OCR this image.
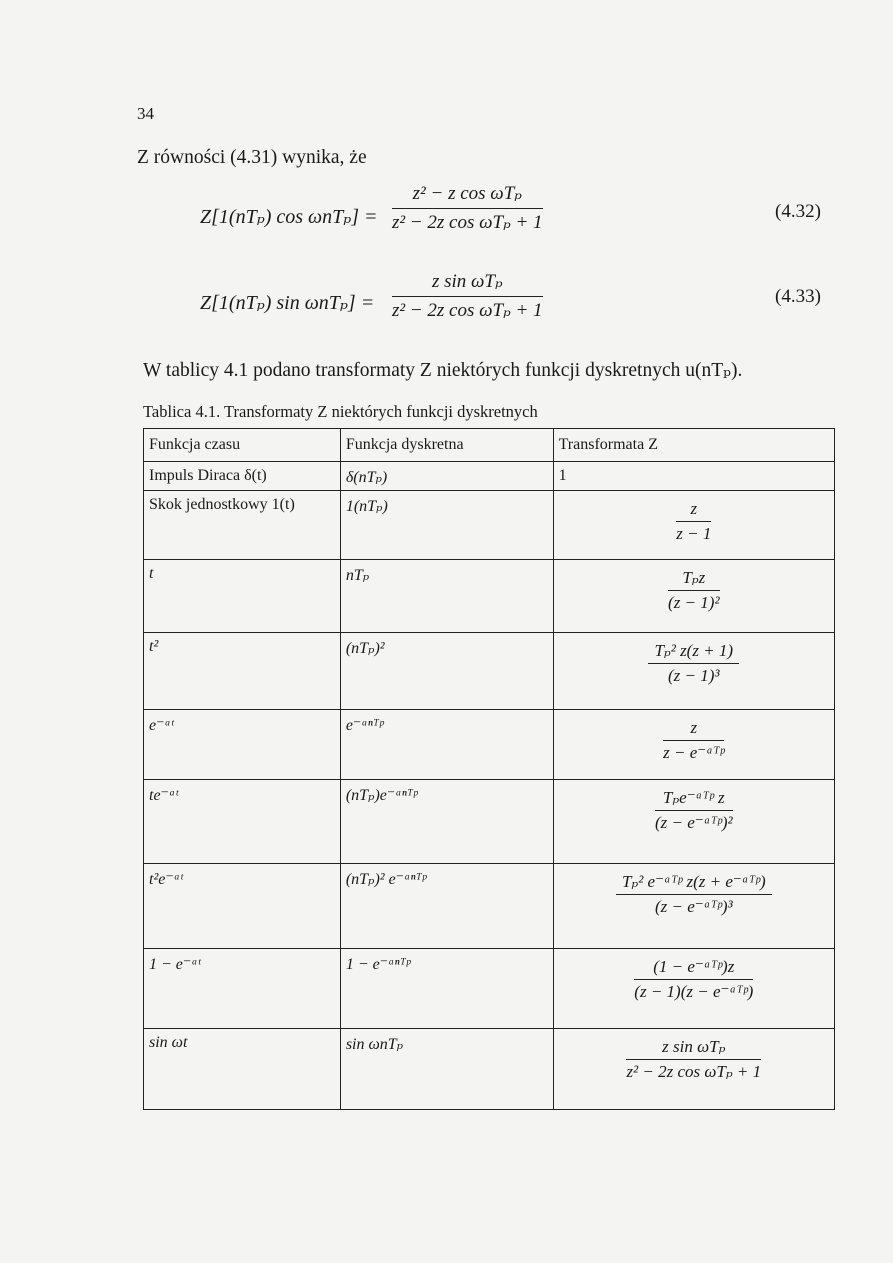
34
Z równości (4.31) wynika, że
Z[1(nTₚ) cos ωnTₚ] =
z² − z cos ωTₚ
z² − 2z cos ωTₚ + 1
(4.32)
Z[1(nTₚ) sin ωnTₚ] =
z sin ωTₚ
z² − 2z cos ωTₚ + 1
(4.33)
W tablicy 4.1 podano transformaty Z niektórych funkcji dyskretnych u(nTₚ).
Tablica 4.1. Transformaty Z niektórych funkcji dyskretnych
Funkcja czasu	Funkcja dyskretna	Transformata Z
Impuls Diraca δ(t)	δ(nTₚ)	1
Skok jednostkowy 1(t)	1(nTₚ)	$\frac{z}{z - 1}$

t	nTₚ	$\frac{\text{Tₚz}}{\text{(z − 1)²}}$

t²	(nTₚ)²	$\frac{\text{Tₚ² z(z + 1)}}{\text{(z − 1)³}}$

e⁻ᵃᵗ	e⁻ᵃⁿᵀᵖ	$\frac{z}{\text{z − e⁻ᵃᵀᵖ}}$

te⁻ᵃᵗ	(nTₚ)e⁻ᵃⁿᵀᵖ	$\frac{\text{Tₚe⁻ᵃᵀᵖ z}}{\text{(z − e⁻ᵃᵀᵖ)²}}$

t²e⁻ᵃᵗ	(nTₚ)² e⁻ᵃⁿᵀᵖ	$\frac{\text{Tₚ² e⁻ᵃᵀᵖ z(z + e⁻ᵃᵀᵖ)}}{\text{(z − e⁻ᵃᵀᵖ)³}}$

1 − e⁻ᵃᵗ	1 − e⁻ᵃⁿᵀᵖ	$\frac{\text{(1 − e⁻ᵃᵀᵖ)z}}{\text{(z − 1)(z − e⁻ᵃᵀᵖ)}}$

sin ωt	sin ωnTₚ	$\frac{\text{z sin ωTₚ}}{\text{z² − 2z cos ωTₚ + 1}}$
